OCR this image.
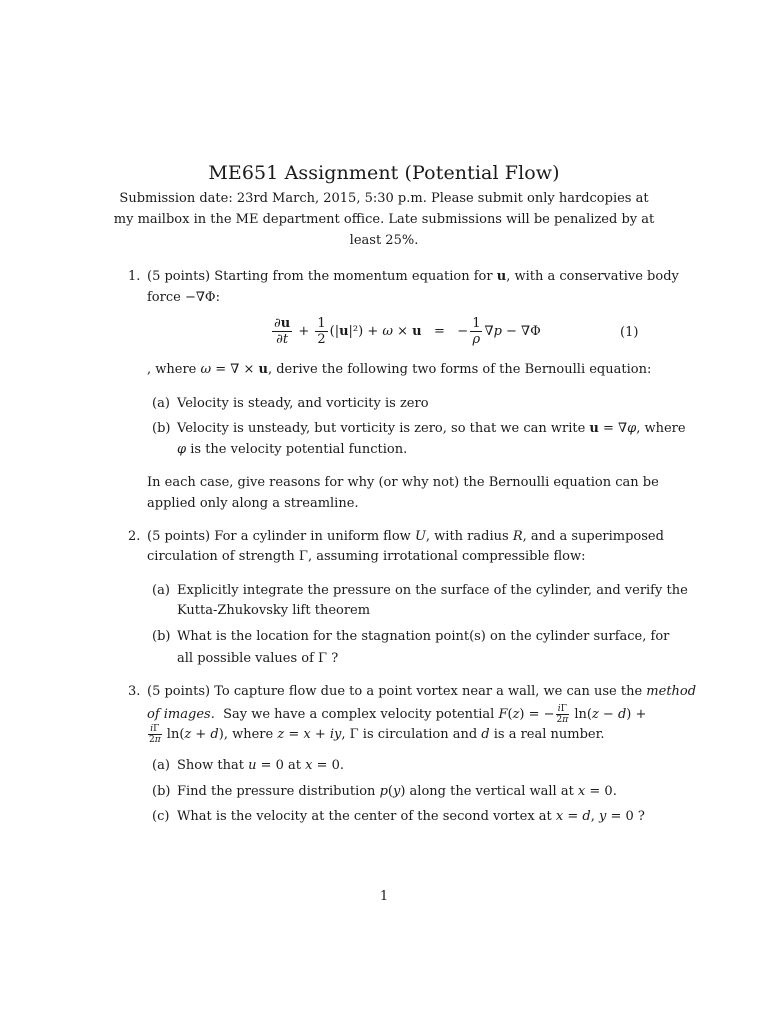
ME651 Assignment (Potential Flow)
Submission date: 23rd March, 2015, 5:30 p.m. Please submit only hardcopies at my mailbox in the ME department office. Late submissions will be penalized by at least 25%.
1. (5 points) Starting from the momentum equation for u, with a conservative body
force −∇Φ:
$\frac{\partial u}{\partial t} + \frac{1}{2} (|u|^2) + \omega \times u$   =   − $\frac{1}{\rho} \nabla p - \nabla\Phi$	(1)
, where ω = ∇ × u, derive the following two forms of the Bernoulli equation:
(a) Velocity is steady, and vorticity is zero
(b) Velocity is unsteady, but vorticity is zero, so that we can write u = ∇φ, where
φ is the velocity potential function.
In each case, give reasons for why (or why not) the Bernoulli equation can be
applied only along a streamline.
2. (5 points) For a cylinder in uniform flow U, with radius R, and a superimposed
circulation of strength Γ, assuming irrotational compressible flow:
(a) Explicitly integrate the pressure on the surface of the cylinder, and verify the
Kutta-Zhukovsky lift theorem
(b) What is the location for the stagnation point(s) on the cylinder surface, for
all possible values of Γ ?
3. (5 points) To capture flow due to a point vortex near a wall, we can use the method
of images.  Say we have a complex velocity potential F(z) = − $\frac{i\Gamma}{2\pi} \ln(z - d)$ +
$\frac{i\Gamma}{2\pi} \ln(z + d)$, where z = x + iy, Γ is circulation and d is a real number.
(a) Show that u = 0 at x = 0.
(b) Find the pressure distribution p(y) along the vertical wall at x = 0.
(c) What is the velocity at the center of the second vortex at x = d, y = 0 ?
1
